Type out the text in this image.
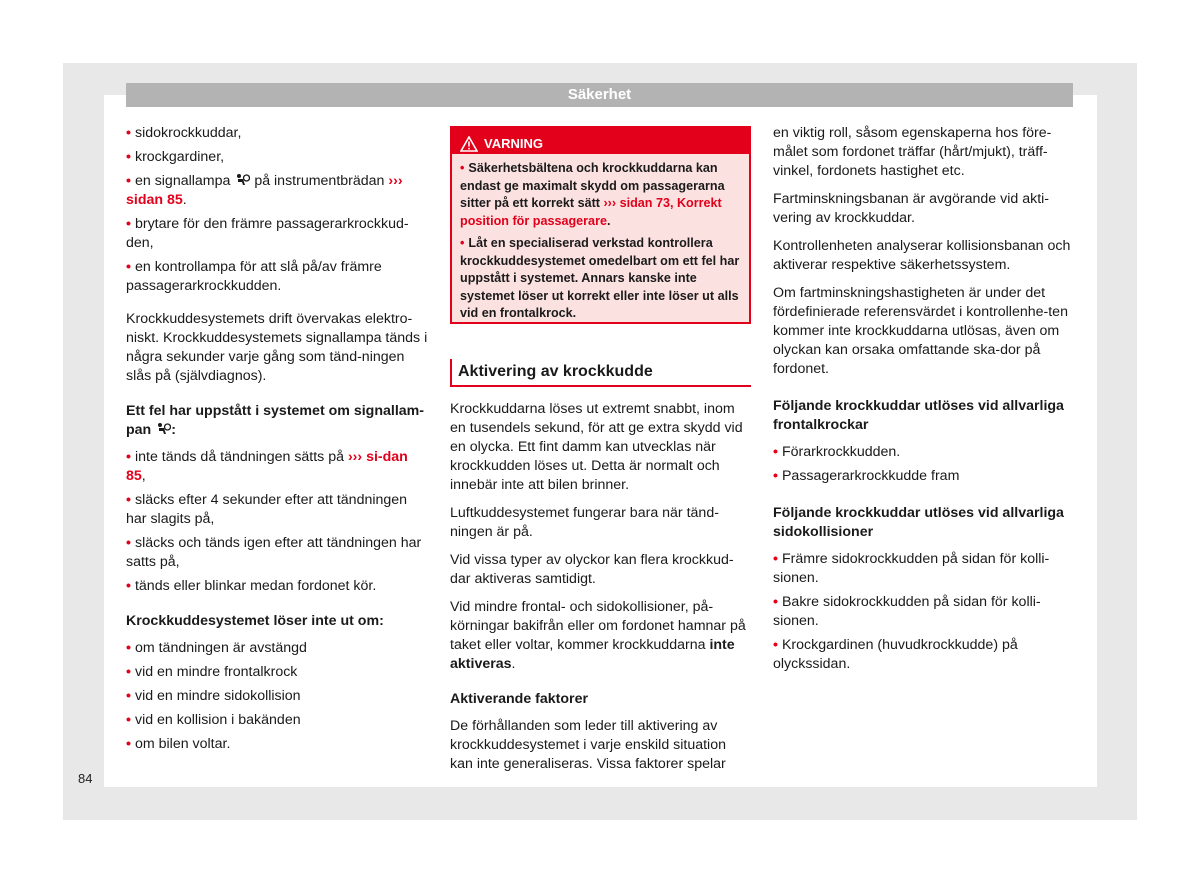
Säkerhet
• sidokrockkuddar,
• krockgardiner,
• en signallampa på instrumentbrädan ››› sidan 85.
• brytare för den främre passagerarkrockkud-den,
• en kontrollampa för att slå på/av främre passagerarkrockkudden.
Krockkuddesystemets drift övervakas elektro-niskt. Krockkuddesystemets signallampa tänds i några sekunder varje gång som tänd-ningen slås på (självdiagnos).
Ett fel har uppstått i systemet om signallam-pan :
• inte tänds då tändningen sätts på ››› si-dan 85,
• släcks efter 4 sekunder efter att tändningen har slagits på,
• släcks och tänds igen efter att tändningen har satts på,
• tänds eller blinkar medan fordonet kör.
Krockkuddesystemet löser inte ut om:
• om tändningen är avstängd
• vid en mindre frontalkrock
• vid en mindre sidokollision
• vid en kollision i bakänden
• om bilen voltar.
VARNING

• Säkerhetsbältena och krockkuddarna kan endast ge maximalt skydd om passagerarna sitter på ett korrekt sätt ››› sidan 73, Korrekt position för passagerare.

• Låt en specialiserad verkstad kontrollera krockkuddesystemet omedelbart om ett fel har uppstått i systemet. Annars kanske inte systemet löser ut korrekt eller inte löser ut alls vid en frontalkrock.

Aktivering av krockkudde
Krockkuddarna löses ut extremt snabbt, inom en tusendels sekund, för att ge extra skydd vid en olycka. Ett fint damm kan utvecklas när krockkudden löses ut. Detta är normalt och innebär inte att bilen brinner.
Luftkuddesystemet fungerar bara när tänd-ningen är på.
Vid vissa typer av olyckor kan flera krockkud-dar aktiveras samtidigt.
Vid mindre frontal- och sidokollisioner, på-körningar bakifrån eller om fordonet hamnar på taket eller voltar, kommer krockkuddarna inte aktiveras.
Aktiverande faktorer
De förhållanden som leder till aktivering av krockkuddesystemet i varje enskild situation kan inte generaliseras. Vissa faktorer spelar
en viktig roll, såsom egenskaperna hos före-målet som fordonet träffar (hårt/mjukt), träff-vinkel, fordonets hastighet etc.
Fartminskningsbanan är avgörande vid akti-vering av krockkuddar.
Kontrollenheten analyserar kollisionsbanan och aktiverar respektive säkerhetssystem.
Om fartminskningshastigheten är under det fördefinierade referensvärdet i kontrollenhe-ten kommer inte krockkuddarna utlösas, även om olyckan kan orsaka omfattande ska-dor på fordonet.
Följande krockkuddar utlöses vid allvarliga frontalkrockar
• Förarkrockkudden.
• Passagerarkrockkudde fram
Följande krockkuddar utlöses vid allvarliga sidokollisioner
• Främre sidokrockkudden på sidan för kolli-sionen.
• Bakre sidokrockkudden på sidan för kolli-sionen.
• Krockgardinen (huvudkrockkudde) på olyckssidan.
84
